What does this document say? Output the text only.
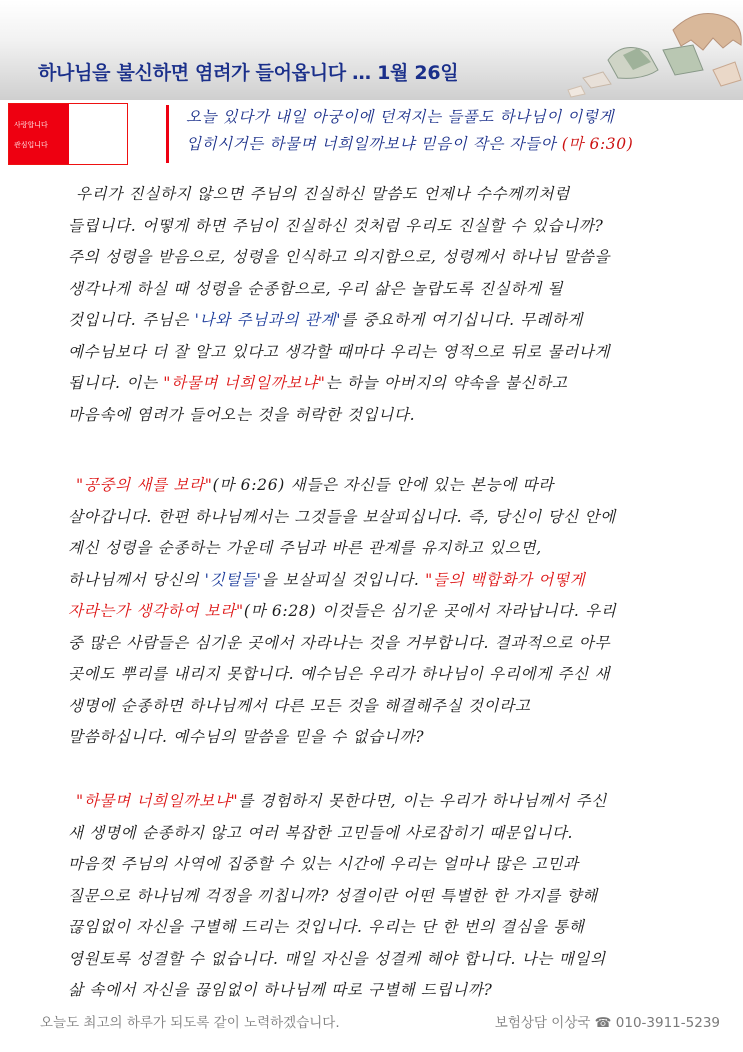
하나님을 불신하면 염려가 들어옵니다 … 1월 26일
사랑합니다
관심입니다
오늘 있다가 내일 아궁이에 던져지는 들풀도 하나님이 이렇게
입히시거든 하물며 너희일까보냐 믿음이 작은 자들아 (마 6:30)
우리가 진실하지 않으면 주님의 진실하신 말씀도 언제나 수수께끼처럼
들립니다. 어떻게 하면 주님이 진실하신 것처럼 우리도 진실할 수 있습니까?
주의 성령을 받음으로, 성령을 인식하고 의지함으로, 성령께서 하나님 말씀을
생각나게 하실 때 성령을 순종함으로, 우리 삶은 놀랍도록 진실하게 될
것입니다. 주님은 '나와 주님과의 관계'를 중요하게 여기십니다. 무례하게
예수님보다 더 잘 알고 있다고 생각할 때마다 우리는 영적으로 뒤로 물러나게
됩니다. 이는 "하물며 너희일까보냐"는 하늘 아버지의 약속을 불신하고
마음속에 염려가 들어오는 것을 허락한 것입니다.
"공중의 새를 보라"(마 6:26) 새들은 자신들 안에 있는 본능에 따라
살아갑니다. 한편 하나님께서는 그것들을 보살피십니다. 즉, 당신이 당신 안에
계신 성령을 순종하는 가운데 주님과 바른 관계를 유지하고 있으면,
하나님께서 당신의 '깃털들'을 보살피실 것입니다. "들의 백합화가 어떻게
자라는가 생각하여 보라"(마 6:28) 이것들은 심기운 곳에서 자라납니다. 우리
중 많은 사람들은 심기운 곳에서 자라나는 것을 거부합니다. 결과적으로 아무
곳에도 뿌리를 내리지 못합니다. 예수님은 우리가 하나님이 우리에게 주신 새
생명에 순종하면 하나님께서 다른 모든 것을 해결해주실 것이라고
말씀하십니다. 예수님의 말씀을 믿을 수 없습니까?
"하물며 너희일까보냐"를 경험하지 못한다면, 이는 우리가 하나님께서 주신
새 생명에 순종하지 않고 여러 복잡한 고민들에 사로잡히기 때문입니다.
마음껏 주님의 사역에 집중할 수 있는 시간에 우리는 얼마나 많은 고민과
질문으로 하나님께 걱정을 끼칩니까? 성결이란 어떤 특별한 한 가지를 향해
끊임없이 자신을 구별해 드리는 것입니다. 우리는 단 한 번의 결심을 통해
영원토록 성결할 수 없습니다. 매일 자신을 성결케 해야 합니다. 나는 매일의
삶 속에서 자신을 끊임없이 하나님께 따로 구별해 드립니까?
오늘도 최고의 하루가 되도록 같이 노력하겠습니다.	보험상담 이상국 ☎ 010-3911-5239
